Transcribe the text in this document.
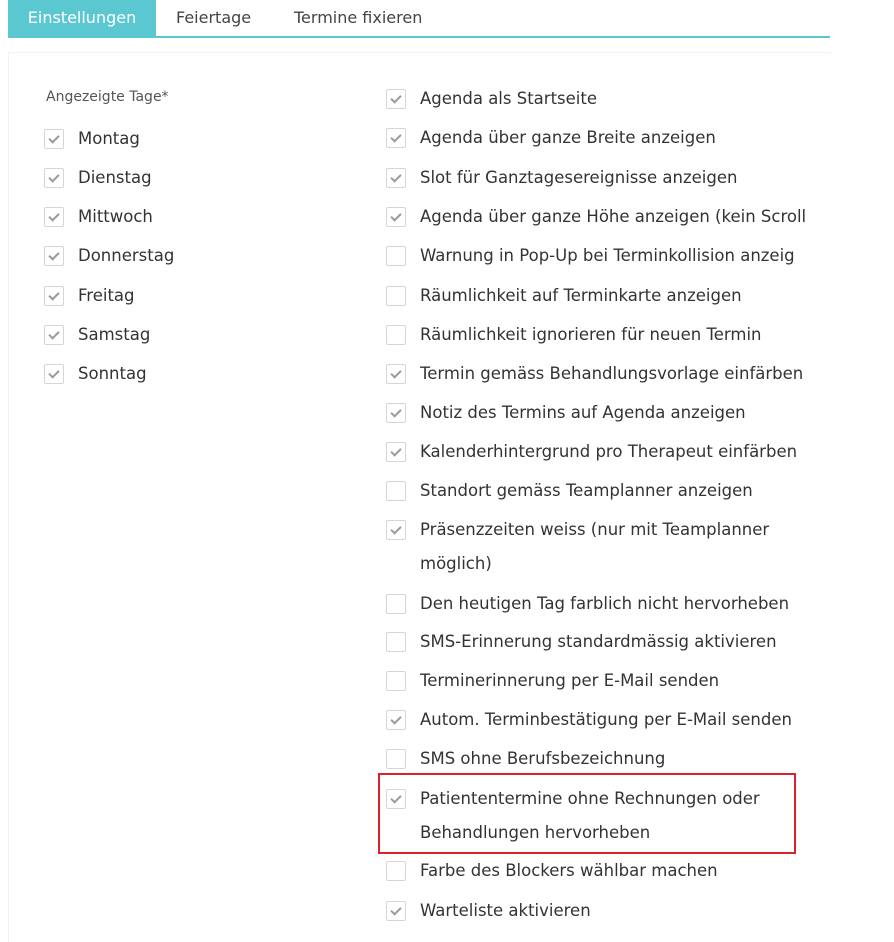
Einstellungen	Feiertage	Termine fixieren
Angezeigte Tage*
Montag
Dienstag
Mittwoch
Donnerstag
Freitag
Samstag
Sonntag
Agenda als Startseite
Agenda über ganze Breite anzeigen
Slot für Ganztagesereignisse anzeigen
Agenda über ganze Höhe anzeigen (kein Scroll
Warnung in Pop-Up bei Terminkollision anzeig
Räumlichkeit auf Terminkarte anzeigen
Räumlichkeit ignorieren für neuen Termin
Termin gemäss Behandlungsvorlage einfärben
Notiz des Termins auf Agenda anzeigen
Kalenderhintergrund pro Therapeut einfärben
Standort gemäss Teamplanner anzeigen
Präsenzzeiten weiss (nur mit Teamplanner möglich)
Den heutigen Tag farblich nicht hervorheben
SMS-Erinnerung standardmässig aktivieren
Terminerinnerung per E-Mail senden
Autom. Terminbestätigung per E-Mail senden
SMS ohne Berufsbezeichnung
Patiententermine ohne Rechnungen oder Behandlungen hervorheben
Farbe des Blockers wählbar machen
Warteliste aktivieren
